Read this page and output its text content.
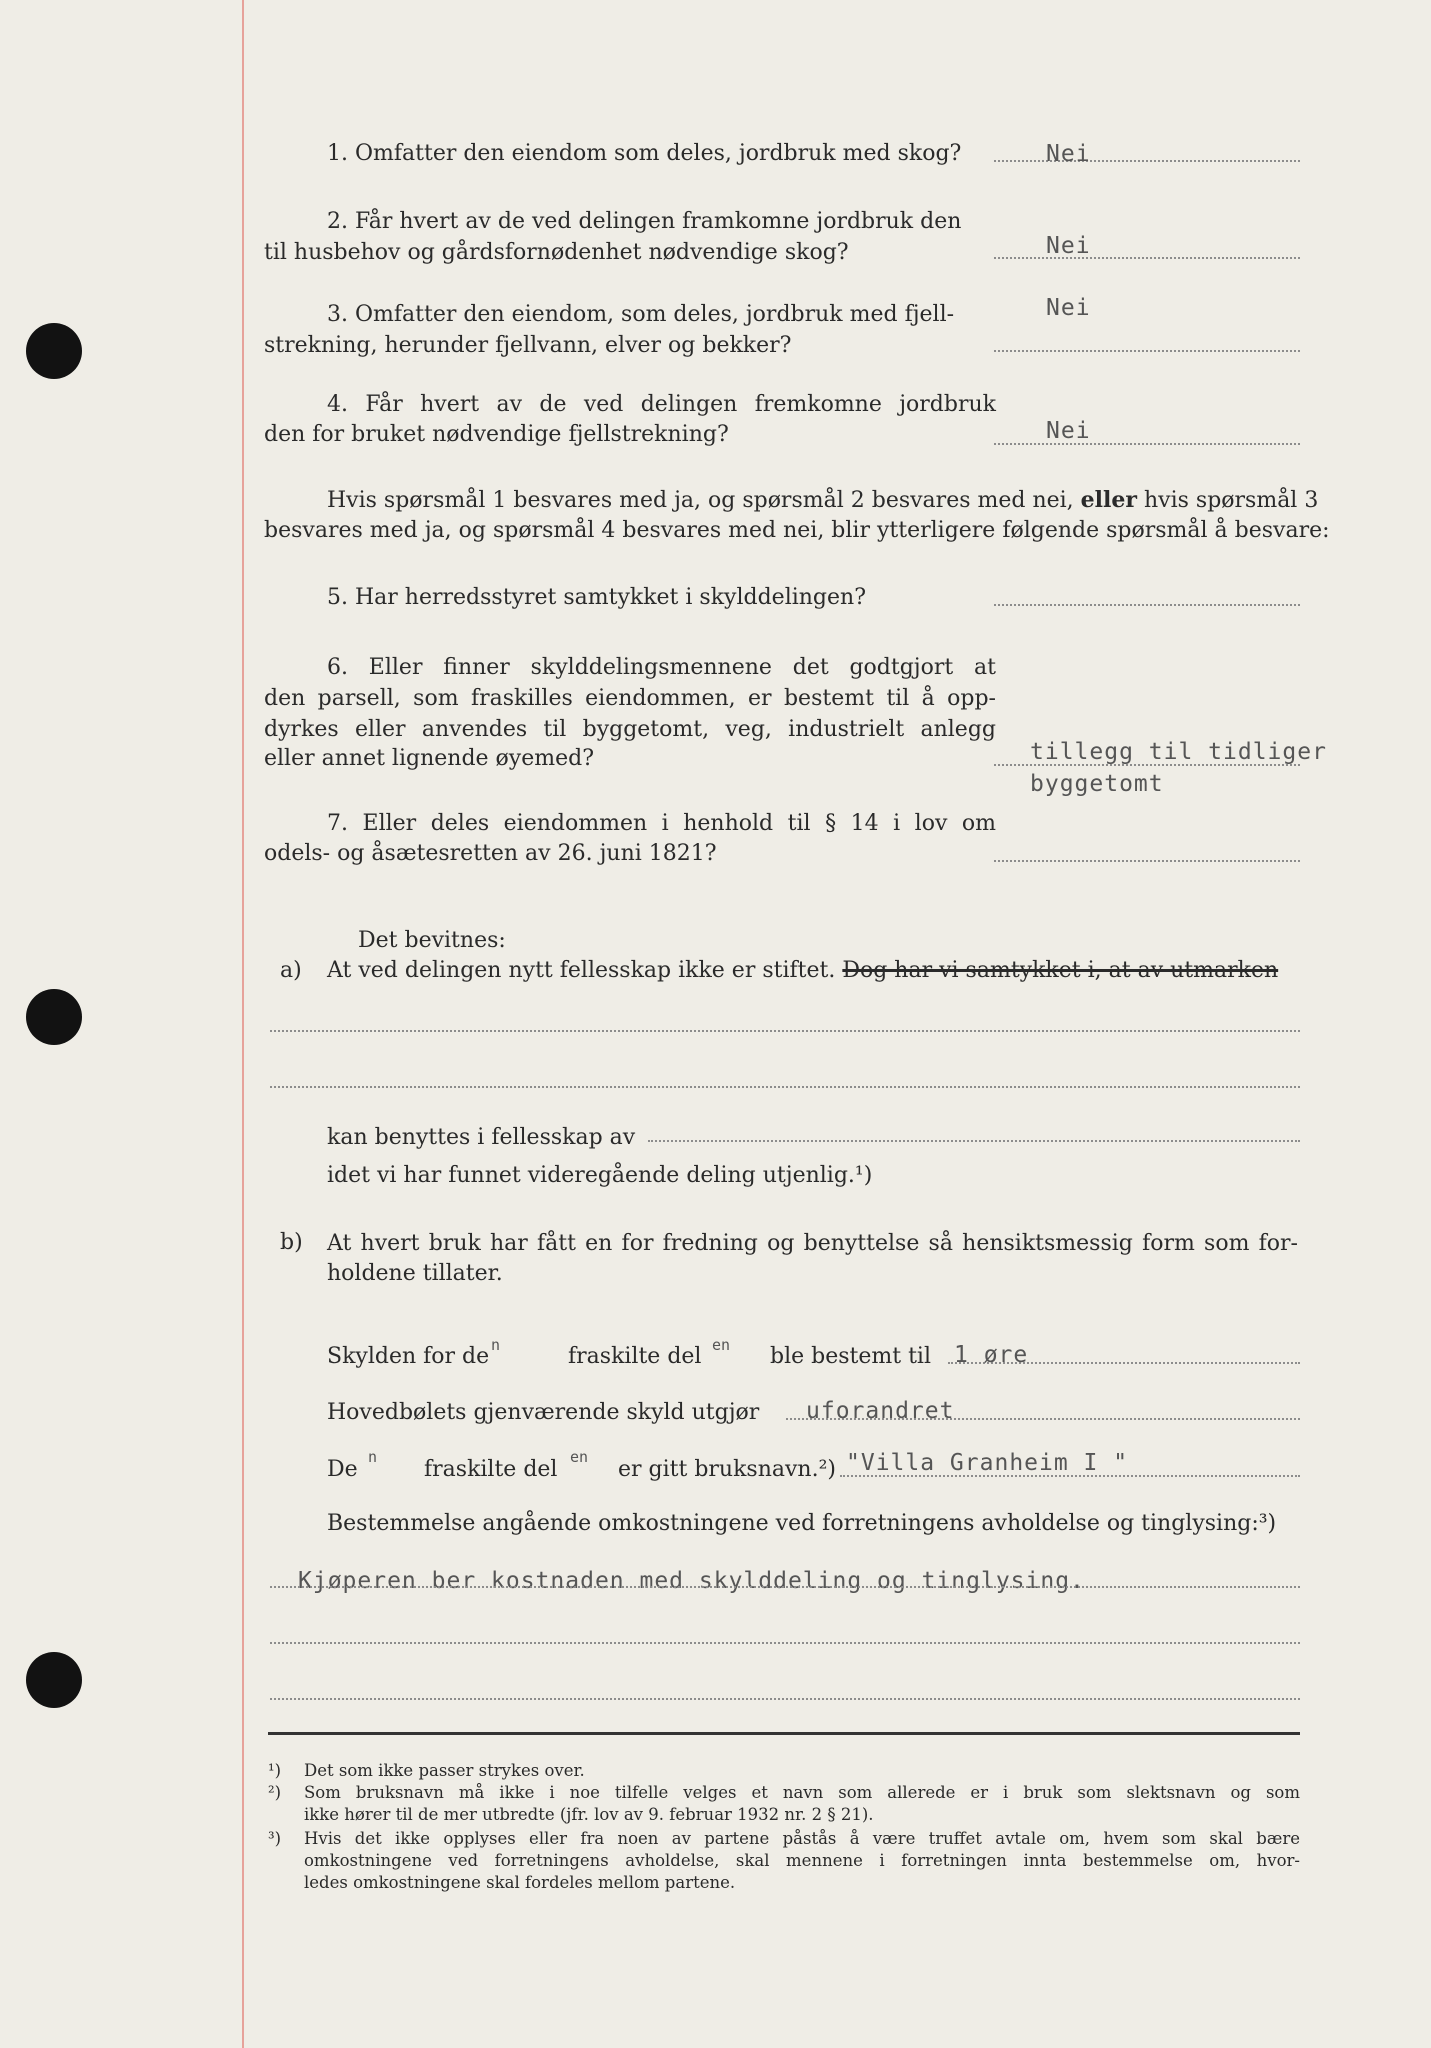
1. Omfatter den eiendom som deles, jordbruk med skog?	Nei
2. Får hvert av de ved delingen framkomne jordbruk den
til husbehov og gårdsfornødenhet nødvendige skog?	Nei
3. Omfatter den eiendom, som deles, jordbruk med fjell-
strekning, herunder fjellvann, elver og bekker?
Nei
4. Får hvert av de ved delingen fremkomne jordbruk
den for bruket nødvendige fjellstrekning?	Nei
Hvis spørsmål 1 besvares med ja, og spørsmål 2 besvares med nei, eller hvis spørsmål 3
besvares med ja, og spørsmål 4 besvares med nei, blir ytterligere følgende spørsmål å besvare:
5. Har herredsstyret samtykket i skylddelingen?
6. Eller finner skylddelingsmennene det godtgjort at
den parsell, som fraskilles eiendommen, er bestemt til å opp-
dyrkes eller anvendes til byggetomt, veg, industrielt anlegg
eller annet lignende øyemed?	tillegg til tidliger
byggetomt
7. Eller deles eiendommen i henhold til § 14 i lov om
odels- og åsætesretten av 26. juni 1821?
Det bevitnes:
a) At ved delingen nytt fellesskap ikke er stiftet. Dog har vi samtykket i, at av utmarken
kan benyttes i fellesskap av
idet vi har funnet videregående deling utjenlig.¹)
b) At hvert bruk har fått en for fredning og benyttelse så hensiktsmessig form som for-
holdene tillater.
Skylden for de n	fraskilte del en ble bestemt til 1 øre
Hovedbølets gjenværende skyld utgjør uforandret
De n fraskilte del en er gitt bruksnavn.²) "Villa Granheim I "
Bestemmelse angående omkostningene ved forretningens avholdelse og tinglysing:³)
Kjøperen ber kostnaden med skylddeling og tinglysing.
¹) Det som ikke passer strykes over.
²) Som bruksnavn må ikke i noe tilfelle velges et navn som allerede er i bruk som slektsnavn og som
ikke hører til de mer utbredte (jfr. lov av 9. februar 1932 nr. 2 § 21).
³) Hvis det ikke opplyses eller fra noen av partene påstås å være truffet avtale om, hvem som skal bære
omkostningene ved forretningens avholdelse, skal mennene i forretningen innta bestemmelse om, hvor-
ledes omkostningene skal fordeles mellom partene.
